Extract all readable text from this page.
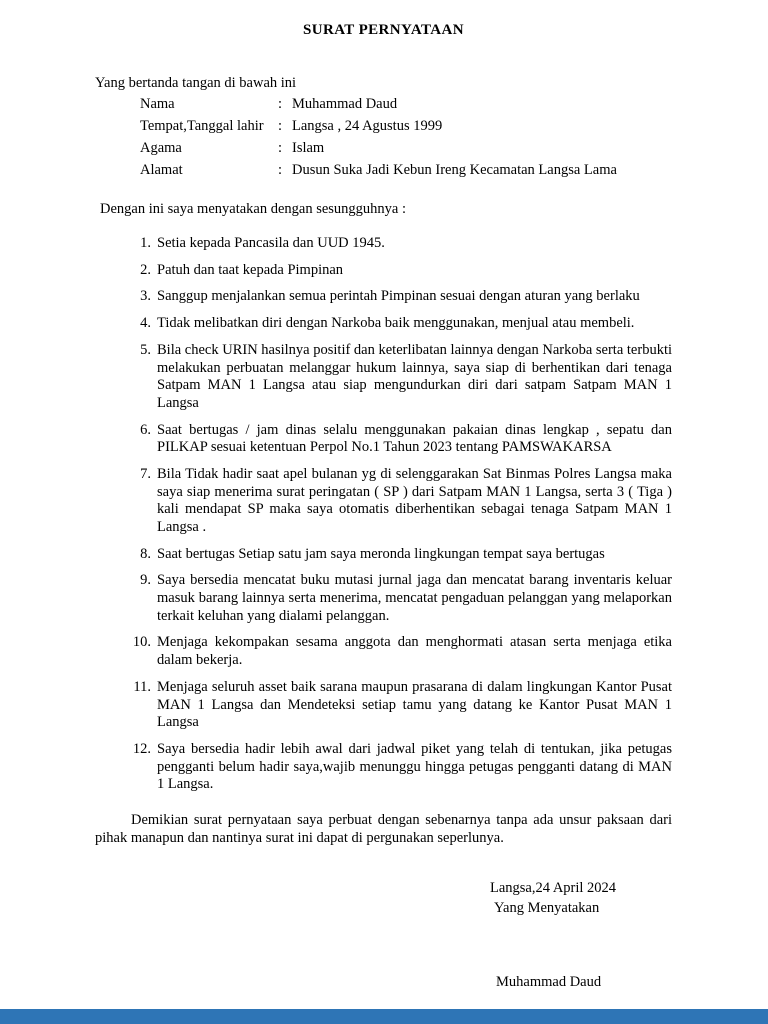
SURAT PERNYATAAN

Yang bertanda tangan di bawah ini

Nama	: Muhammad Daud
Tempat,Tanggal lahir : Langsa , 24 Agustus 1999
Agama	: Islam
Alamat	: Dusun Suka Jadi Kebun Ireng Kecamatan Langsa Lama

Dengan ini saya menyatakan dengan sesungguhnya :

1. Setia kepada Pancasila dan UUD 1945.
2. Patuh dan taat kepada Pimpinan
3. Sanggup menjalankan semua perintah Pimpinan sesuai dengan aturan yang berlaku
4. Tidak melibatkan diri dengan Narkoba baik menggunakan, menjual atau membeli.
5. Bila check URIN hasilnya positif dan keterlibatan lainnya dengan Narkoba serta terbukti melakukan perbuatan melanggar hukum lainnya, saya siap di berhentikan dari tenaga Satpam MAN 1 Langsa atau siap mengundurkan diri dari satpam Satpam MAN 1 Langsa
6. Saat bertugas / jam dinas selalu menggunakan pakaian dinas lengkap , sepatu dan PILKAP sesuai ketentuan Perpol No.1 Tahun 2023 tentang PAMSWAKARSA
7. Bila Tidak hadir saat apel bulanan yg di selenggarakan Sat Binmas Polres Langsa maka saya siap menerima surat peringatan ( SP ) dari Satpam MAN 1 Langsa, serta 3 ( Tiga ) kali mendapat SP maka saya otomatis diberhentikan sebagai tenaga Satpam MAN 1 Langsa .
8. Saat bertugas Setiap satu jam saya meronda lingkungan tempat saya bertugas
9. Saya bersedia mencatat buku mutasi jurnal jaga dan mencatat barang inventaris keluar masuk barang lainnya serta menerima, mencatat pengaduan pelanggan yang melaporkan terkait keluhan yang dialami pelanggan.
10. Menjaga kekompakan sesama anggota dan menghormati atasan serta menjaga etika dalam bekerja.
11. Menjaga seluruh asset baik sarana maupun prasarana di dalam lingkungan Kantor Pusat MAN 1 Langsa dan Mendeteksi setiap tamu yang datang ke Kantor Pusat MAN 1 Langsa
12. Saya bersedia hadir lebih awal dari jadwal piket yang telah di tentukan, jika petugas pengganti belum hadir saya,wajib menunggu hingga petugas pengganti datang di MAN 1 Langsa.

Demikian surat pernyataan saya perbuat dengan sebenarnya tanpa ada unsur paksaan dari pihak manapun dan nantinya surat ini dapat di pergunakan seperlunya.

Langsa,24 April 2024
Yang Menyatakan
Muhammad Daud
